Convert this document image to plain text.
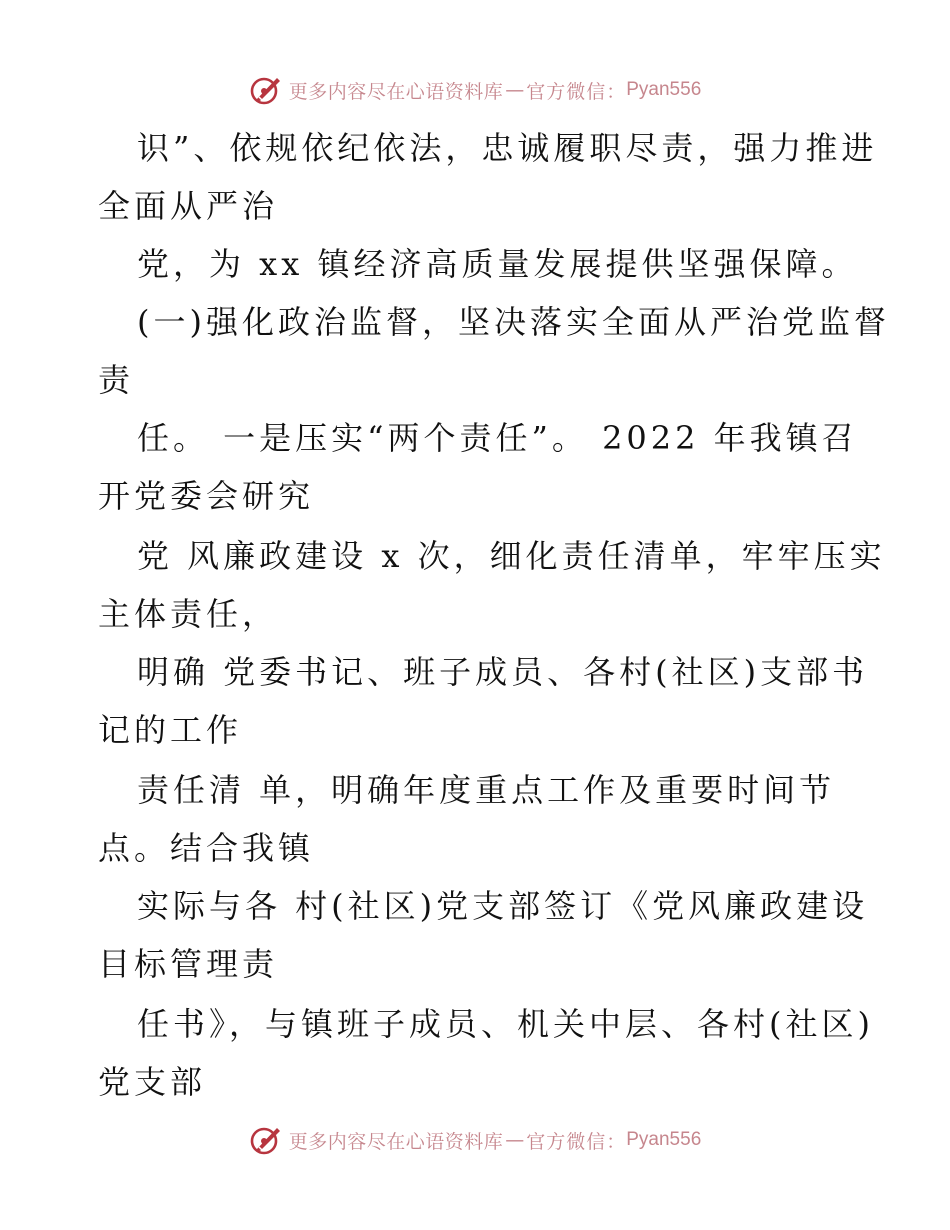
更多内容尽在心语资料库 — 官方微信： Pyan556
识”、依规依纪依法，忠诚履职尽责，强力推进
全面从严治
党，为 xx 镇经济高质量发展提供坚强保障。
(一)强化政治监督，坚决落实全面从严治党监督
责
任。 一是压实“两个责任”。 2022 年我镇召
开党委会研究
党 风廉政建设 x 次，细化责任清单，牢牢压实
主体责任，
明确 党委书记、班子成员、各村(社区)支部书
记的工作
责任清 单，明确年度重点工作及重要时间节
点。结合我镇
实际与各 村(社区)党支部签订《党风廉政建设
目标管理责
任书》，与镇班子成员、机关中层、各村(社区)
党支部
更多内容尽在心语资料库 — 官方微信： Pyan556
